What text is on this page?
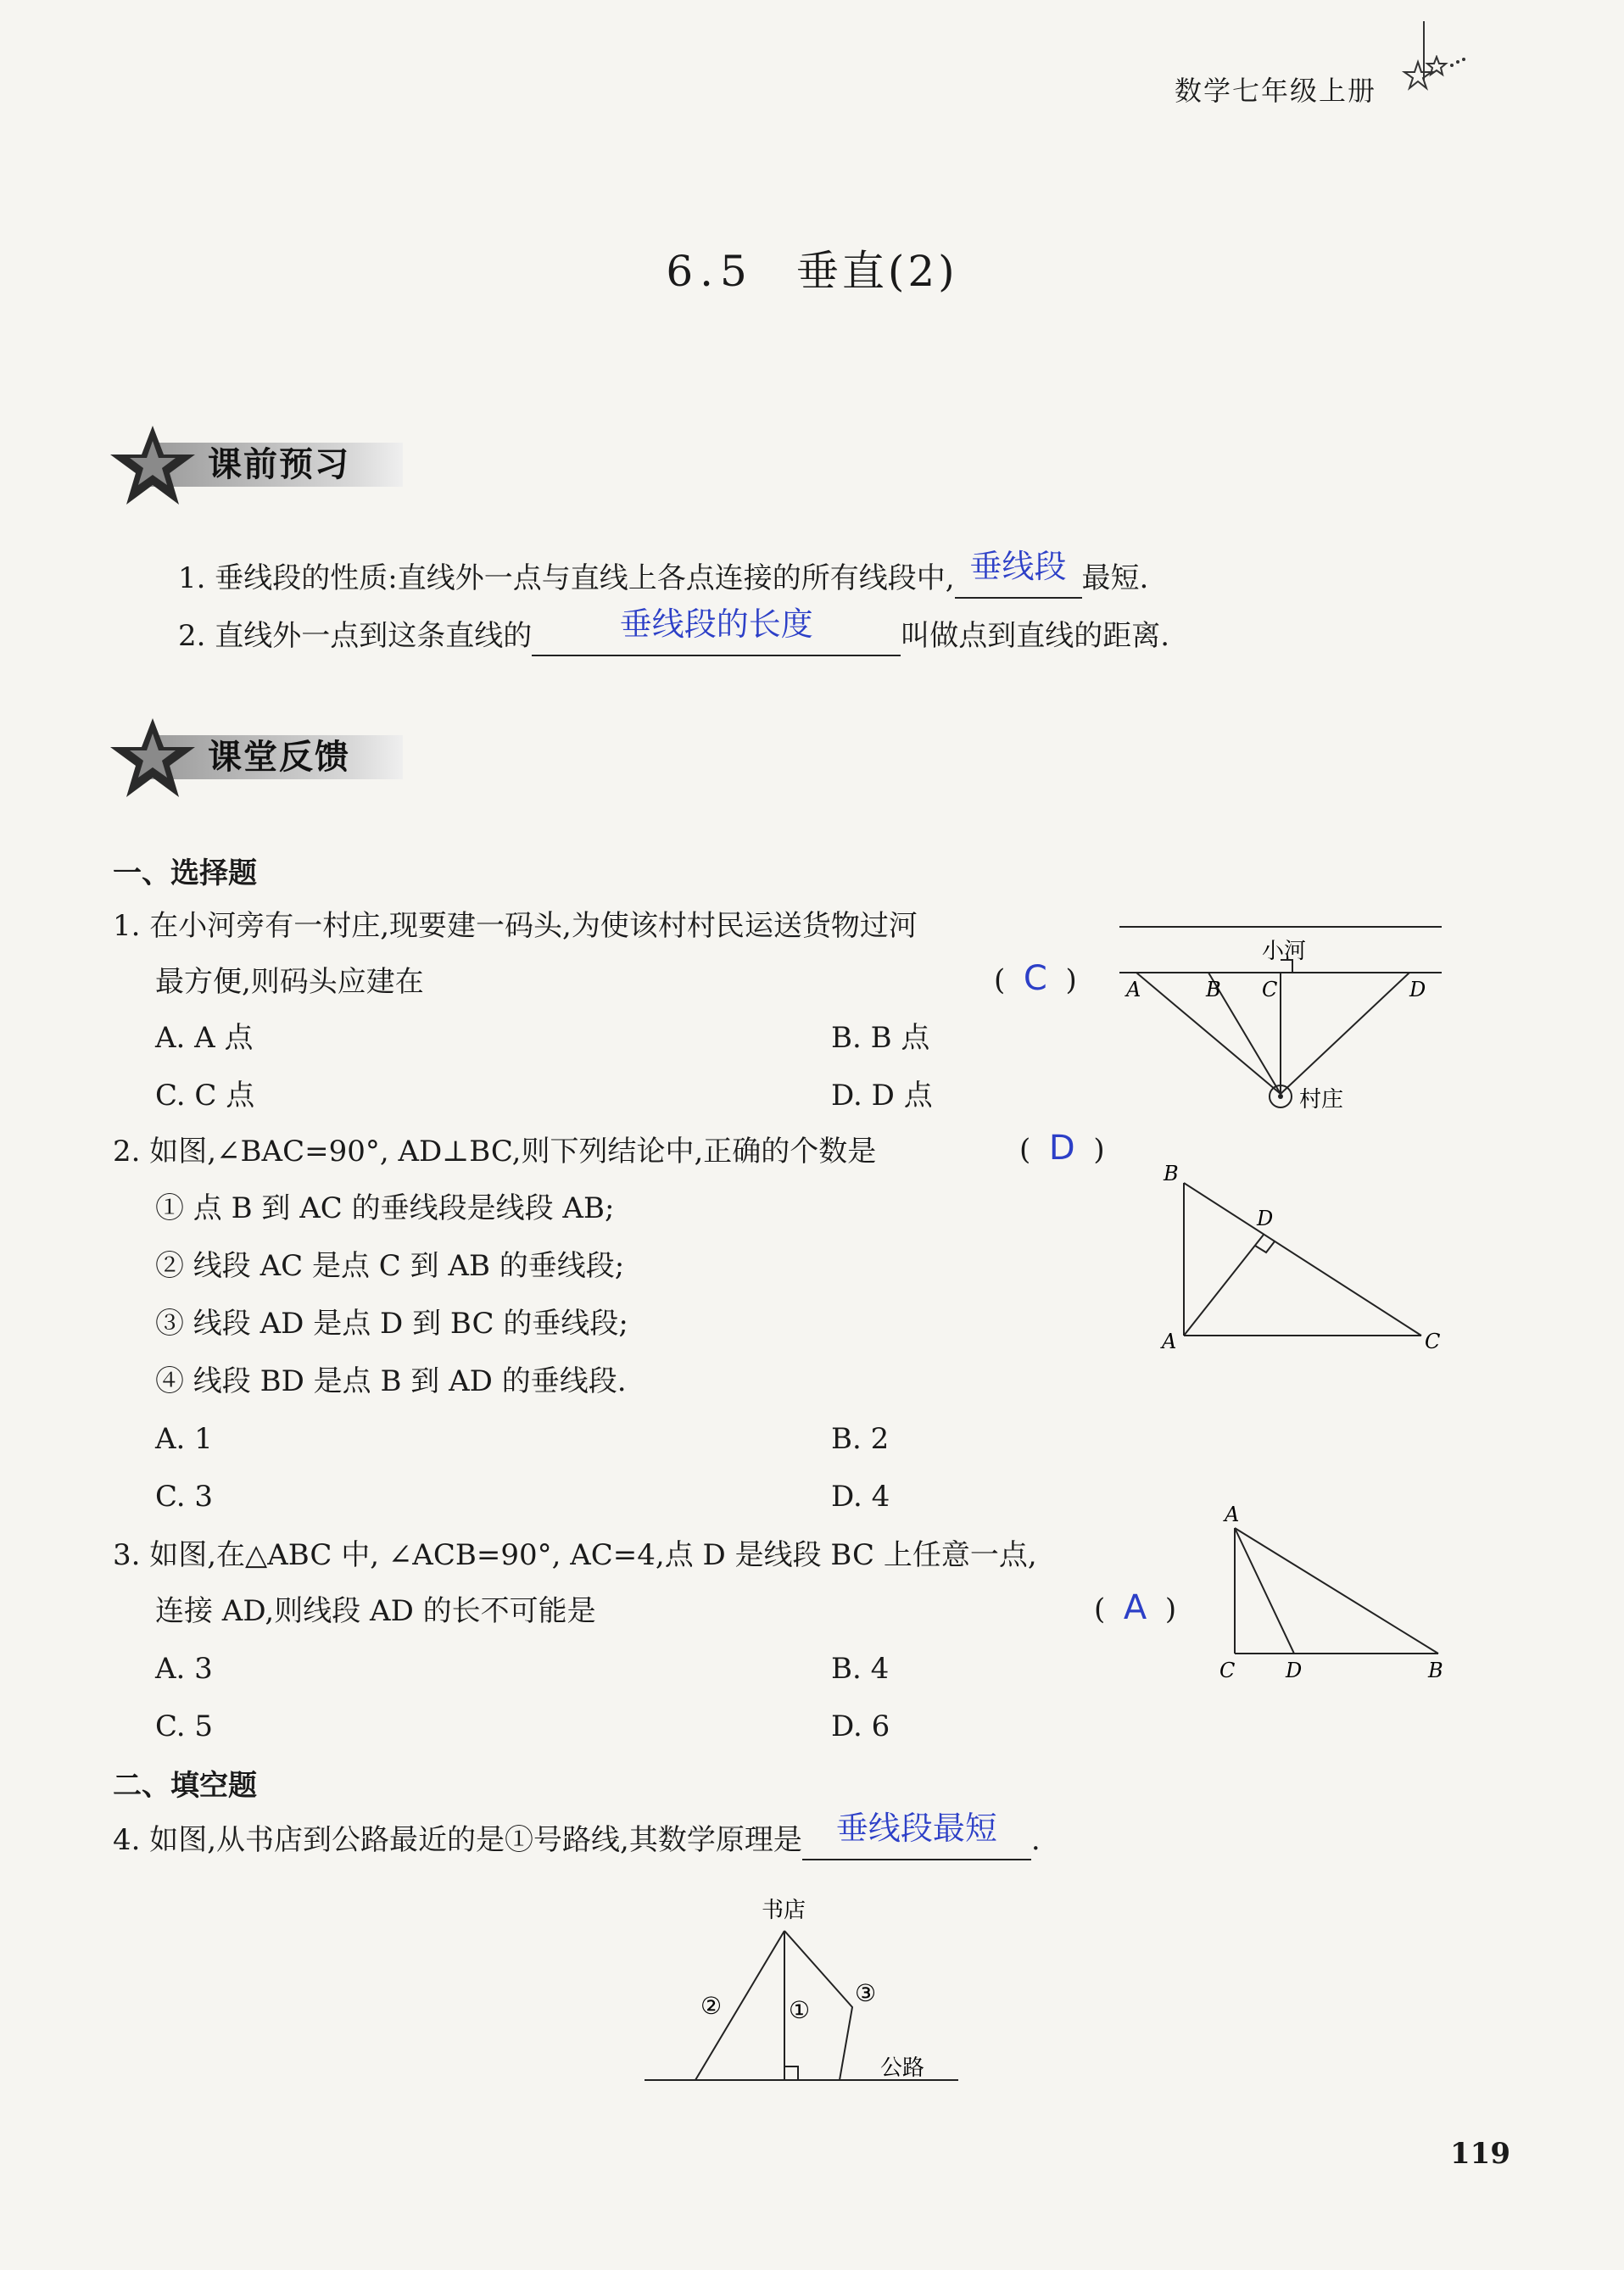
数学七年级上册
6.5 垂直(2)
课前预习
1. 垂线段的性质:直线外一点与直线上各点连接的所有线段中, 垂线段 最短.
2. 直线外一点到这条直线的	垂线段的长度	叫做点到直线的距离.
课堂反馈
一、选择题
1. 在小河旁有一村庄,现要建一码头,为使该村村民运送货物过河
最方便,则码头应建在	(  C  )
A. A 点	B. B 点
C. C 点	D. D 点
小河
A	B C	D
村庄
2. 如图,∠BAC=90°, AD⊥BC,则下列结论中,正确的个数是	(  D  )
① 点 B 到 AC 的垂线段是线段 AB;
② 线段 AC 是点 C 到 AB 的垂线段;
③ 线段 AD 是点 D 到 BC 的垂线段;
④ 线段 BD 是点 B 到 AD 的垂线段.
A. 1	B. 2
C. 3	D. 4
B
D
A	C
3. 如图,在△ABC 中, ∠ACB=90°, AC=4,点 D 是线段 BC 上任意一点,
连接 AD,则线段 AD 的长不可能是	(  A  )
A. 3	B. 4
C. 5	D. 6
A
C D	B
二、填空题
4. 如图,从书店到公路最近的是①号路线,其数学原理是 垂线段最短 .
书店
②	①
③
公路
119
